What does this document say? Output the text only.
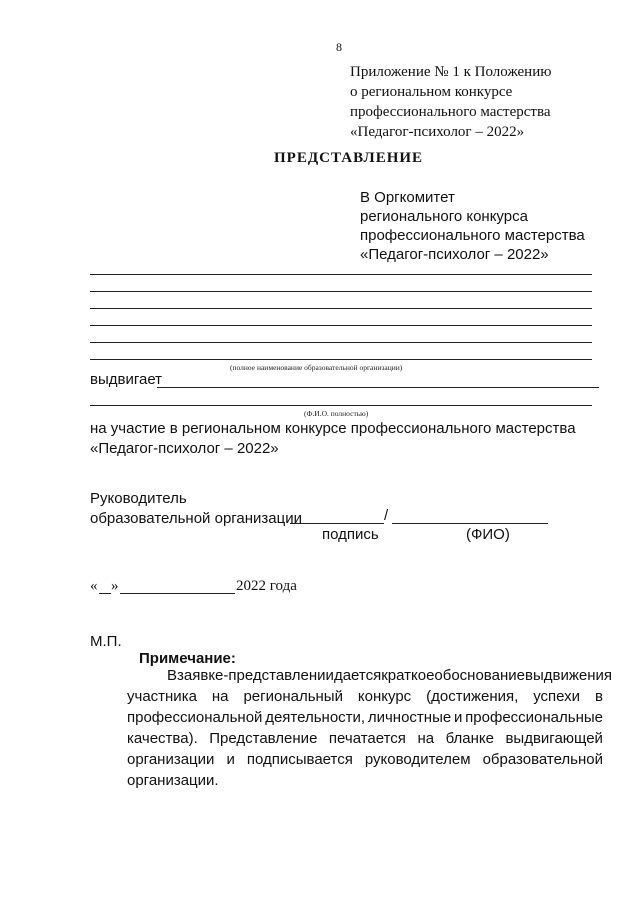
8
Приложение № 1 к Положению
о региональном конкурсе
профессионального мастерства
«Педагог-психолог – 2022»
ПРЕДСТАВЛЕНИЕ
В Оргкомитет
регионального конкурса
профессионального мастерства
«Педагог-психолог – 2022»
(полное наименование образовательной организации)
выдвигает
(Ф.И.О. полностью)
на участие в региональном конкурсе профессионального мастерства
«Педагог-психолог – 2022»
Руководитель
образовательной организации	/
подпись	(ФИО)
« »	2022 года
М.П.
Примечание:
В заявке-представлении дается краткое обоснование выдвижения
участника на региональный конкурс (достижения, успехи в
профессиональной деятельности, личностные и профессиональные
качества). Представление печатается на бланке выдвигающей
организации и подписывается руководителем образовательной
организации.
